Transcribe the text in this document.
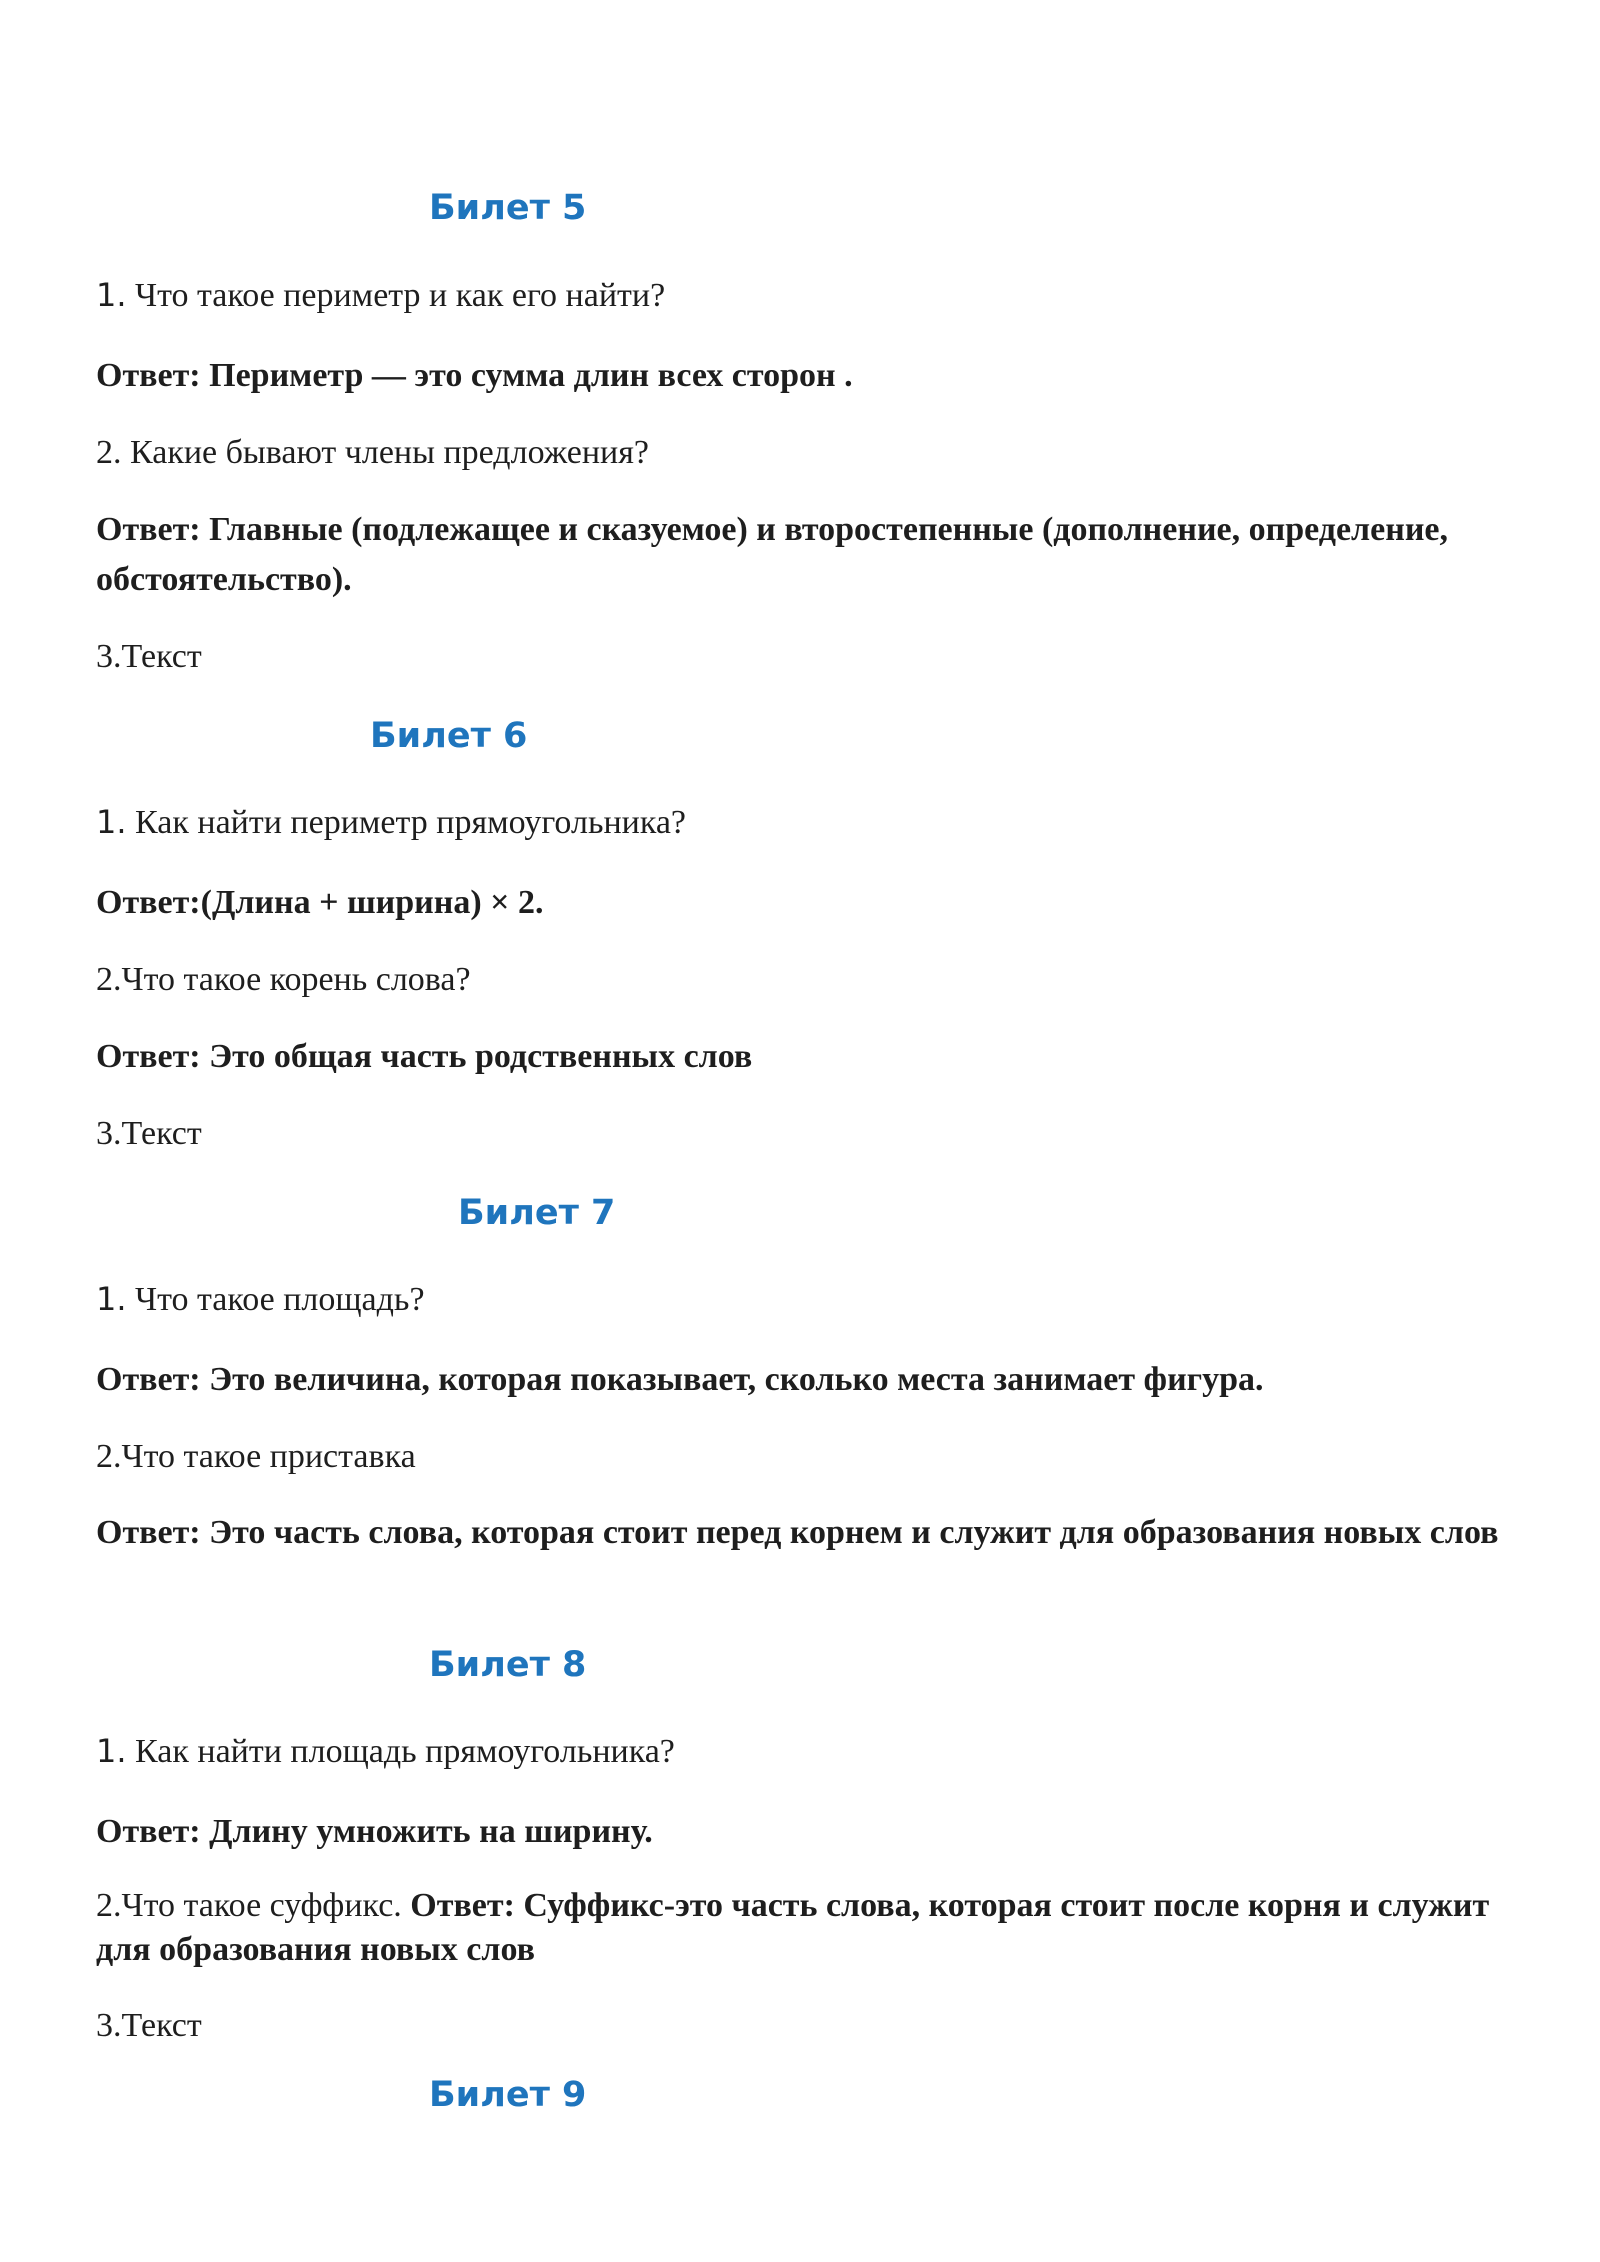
Билет 5
1. Что такое периметр и как его найти?
Ответ: Периметр — это сумма длин всех сторон .
2. Какие бывают члены предложения?
Ответ: Главные (подлежащее и сказуемое) и второстепенные (дополнение, определение, обстоятельство).
3.Текст
Билет 6
1. Как найти периметр прямоугольника?
Ответ:(Длина + ширина) × 2.
2.Что такое корень слова?
Ответ: Это общая часть родственных слов
3.Текст
Билет 7
1. Что такое площадь?
Ответ: Это величина, которая показывает, сколько места занимает фигура.
2.Что такое приставка
Ответ: Это часть слова, которая стоит перед корнем и служит для образования новых слов
Билет 8
1. Как найти площадь прямоугольника?
Ответ: Длину умножить на ширину.
2.Что такое суффикс. Ответ: Суффикс-это часть слова, которая стоит после корня и служит для образования новых слов
3.Текст
Билет 9
